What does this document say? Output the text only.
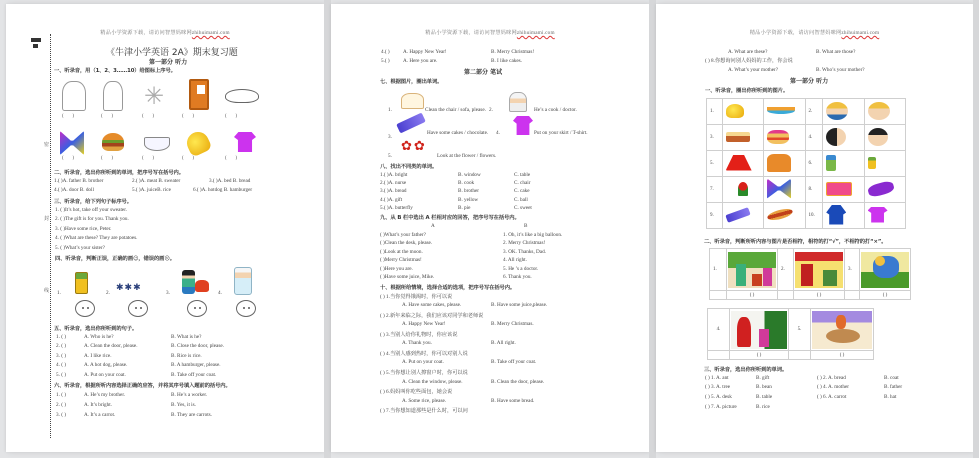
精品小学资源下载，请访问智慧妈咪网zhihuimami.com
密
封
线
《牛津小学英语 2A》期末复习题
第一部分 听力
一、听录音，用（1、2、3……10）给图标上序号。
✳
(       )	(       )	(       )	(       )	(       )
(       )	(       )	(       )	(       )	(       )
二、听录音，选出你所听到的单词，把序号写在括号内。
1.( )A. father B. brother	2.( )A. meat B. sweater	3.( )A. bed B. bread
4.( )A. door B. doll	5.( )A. juiceB. rice	6.( )A. hotdog B. hamburger
三、听录音，给下列句子标序号。
1. ( )It’s hot, take off your sweater.
2. ( )The gift is for you. Thank you.
3. ( )Have some rice, Peter.
4. ( )What are these? They are potatoes.
5. ( )What’s your sister?
四、听录音，判断正误，正确的画☺，错误的画☹。
1.	2.
✱✱✱
3.	4.
五、听录音，选出你所听到的句子。
1. ( )	A. Who is he?	B. What is he?
2. ( )	A. Clean the door, please.	B. Close the door, please.
3. ( )	A. I like rice.	B. Rice is rice.
4. ( )	A. A hot dog, please.	B. A hamburger, please.
5. ( )	A. Put on your coat.	B. Take off your coat.
六、听录音，根据所听内容选择正确的应答，并将其序号填入题前的括号内。
1. ( )	A. He’s my brother.	B. He’s a worker.
2. ( )	A. It’s bright.	B. Yes, it is.
3. ( )	A. It’s a carrot.	B. They are carrots.
精品小学资源下载，请访问智慧妈咪网zhihuimami.com
4.( )	A. Happy New Year!	B. Merry Christmas!
5.( )	A. Here you are.	B. I like cakes.
第二部分 笔试
七、根据图片，圈出单词。
1.	Clean the chair / sofa, please. 2.	He’s a cook / doctor.
3.
Have some cakes / chocolate. 4.	Put on your skirt / T-shirt.
5.
✿✿
Look at the flower / flowers.
八、找出不同类的单词。
1.( )A. bright	B. window	C. table
2.( )A. nurse	B. cook	C. chair
3.( )A. bread	B. brother	C. cake
4.( )A. gift	B. yellow	C. ball
5.( )A. butterfly	B. pie	C. sweet
九、从 B 栏中选出 A 栏相对应的回答，把序号写在括号内。
A	B
( )What’s your father?	1. Oh, it’s like a big balloon.
( )Clean the desk, please.	2. Merry Christmas!
( )Look at the moon.	3. OK. Thanks, Dad.
( )Merry Christmas!	4. All right.
( )Here you are.	5. He ’s a doctor.
( )Have some juice, Mike.	6. Thank you.
十、根据所给情境，选择合适的选项，把序号写在括号内。
( ) 1.当你觉得饿渴时，你可以说
A. Have some cakes, please.	B. Have some juice,please.
( ) 2.新年来临之际，我们应该对同学和老师说
A. Happy New Year!	B. Merry Christmas.
( ) 3.当别人给你礼物时，你应该说
A. Thank you.	B. All right.
( ) 4.当别人感到热时，你可以对别人说
A. Put on your coat.	B. Take off your coat.
( ) 5.当你想让别人擦窗户时，你可以说
A. Clean the window, please.	B. Clean the door, please.
( ) 6.妈妈叫你吃些面包，她会说
A. Some rice, please.	B. Have some bread.
( ) 7.当你想知道那些是什么时，可以问
精品小学资源下载，请访问智慧妈咪网zhihuimami.com
A. What are these?	B. What are those?
( ) 8.你想询问别人妈妈的工作，你会说
A. What’s your mother?	B. Who’s your mother?
第一部分 听力
一、听录音，圈出你所听到的图片。
1.			2.		
3.			4.		
5.			6.		
7.			8.		
9.			10.		
二、听录音，判断所听内容与图片是否相符，相符的打“√”，不相符的打“×”。
1.		2.		3.	

	( )		( )		( )
4.		5.	

	( )		( )
三、听录音，选出你所听到的单词。
( ) 1. A. ant	B. gift	( ) 2. A. bread	B. coat
( ) 3. A. tree	B. bean	( ) 4. A. mother	B. father
( ) 5. A. desk	B. table	( ) 6. A. carrot	B. hat
( ) 7. A. picture	B. rice
